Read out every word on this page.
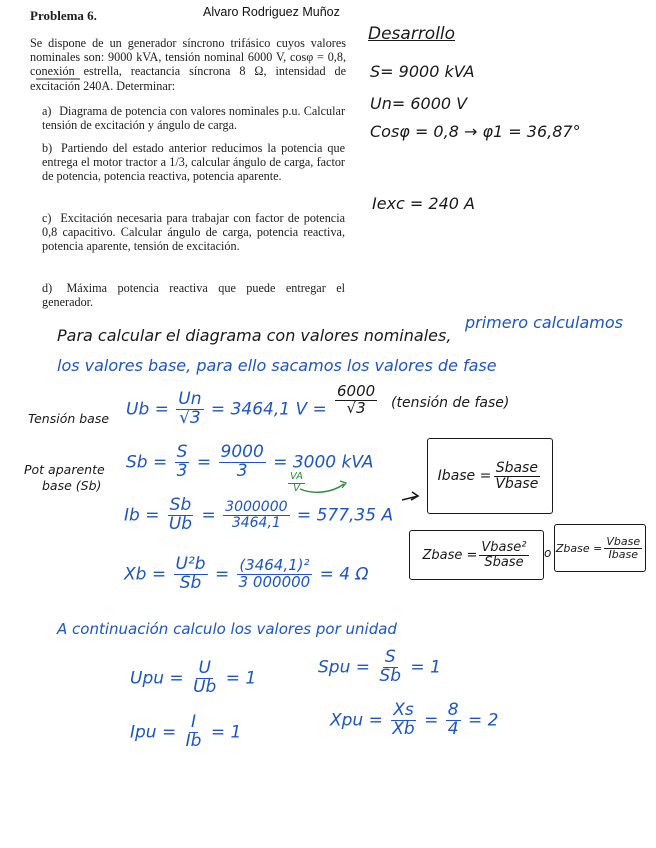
Problema 6.	Alvaro Rodriguez Muñoz
Se dispone de un generador síncrono trifásico cuyos valores nominales son: 9000 kVA, tensión nominal 6000 V, cosφ = 0,8, conexión estrella, reactancia síncrona 8 Ω, intensidad de excitación 240A. Determinar:
a) Diagrama de potencia con valores nominales p.u. Calcular tensión de excitación y ángulo de carga.
b) Partiendo del estado anterior reducimos la potencia que entrega el motor tractor a 1/3, calcular ángulo de carga, factor de potencia, potencia reactiva, potencia aparente.
c) Excitación necesaria para trabajar con factor de potencia 0,8 capacitivo. Calcular ángulo de carga, potencia reactiva, potencia aparente, tensión de excitación.
d) Máxima potencia reactiva que puede entregar el generador.
Desarrollo
S= 9000 kVA
Un= 6000 V
Cosφ = 0,8 → φ1 = 36,87°
Iexc = 240 A
Para calcular el diagrama con valores nominales,
primero calculamos
los valores base, para ello sacamos los valores de fase
Tensión base
Pot aparente
base (Sb)
$Ub = \frac{Un}{√3} = 3464,1$ $V = \frac{6000}{√3}$ (tensión de fase)
$Sb = \frac{S}{3} = \frac{9000}{3} = 3000$ kVA
$\frac{VA}{V}$
$Ib = \frac{Sb}{Ub} = \frac{3000000}{3464,1} = 577,35$ A
$Xb = \frac{\text{U²b}}{Sb} = \frac{\text{(3464,1)²}}{3 000000} = 4$ Ω
Ibase = $\frac{\text{Sbase}}{\text{Vbase}}$
Zbase = $\frac{\text{Vbase²}}{\text{Sbase}}$ o Zbase = $\frac{\text{Vbase}}{\text{Ibase}}$
A continuación calculo los valores por unidad
Upu = $\frac{U}{Ub} = 1$
Spu = $\frac{S}{Sb} = 1$
Ipu = $\frac{I}{Ib} = 1$
Xpu = $\frac{Xs}{Xb} = \frac{8}{4} = 2$
